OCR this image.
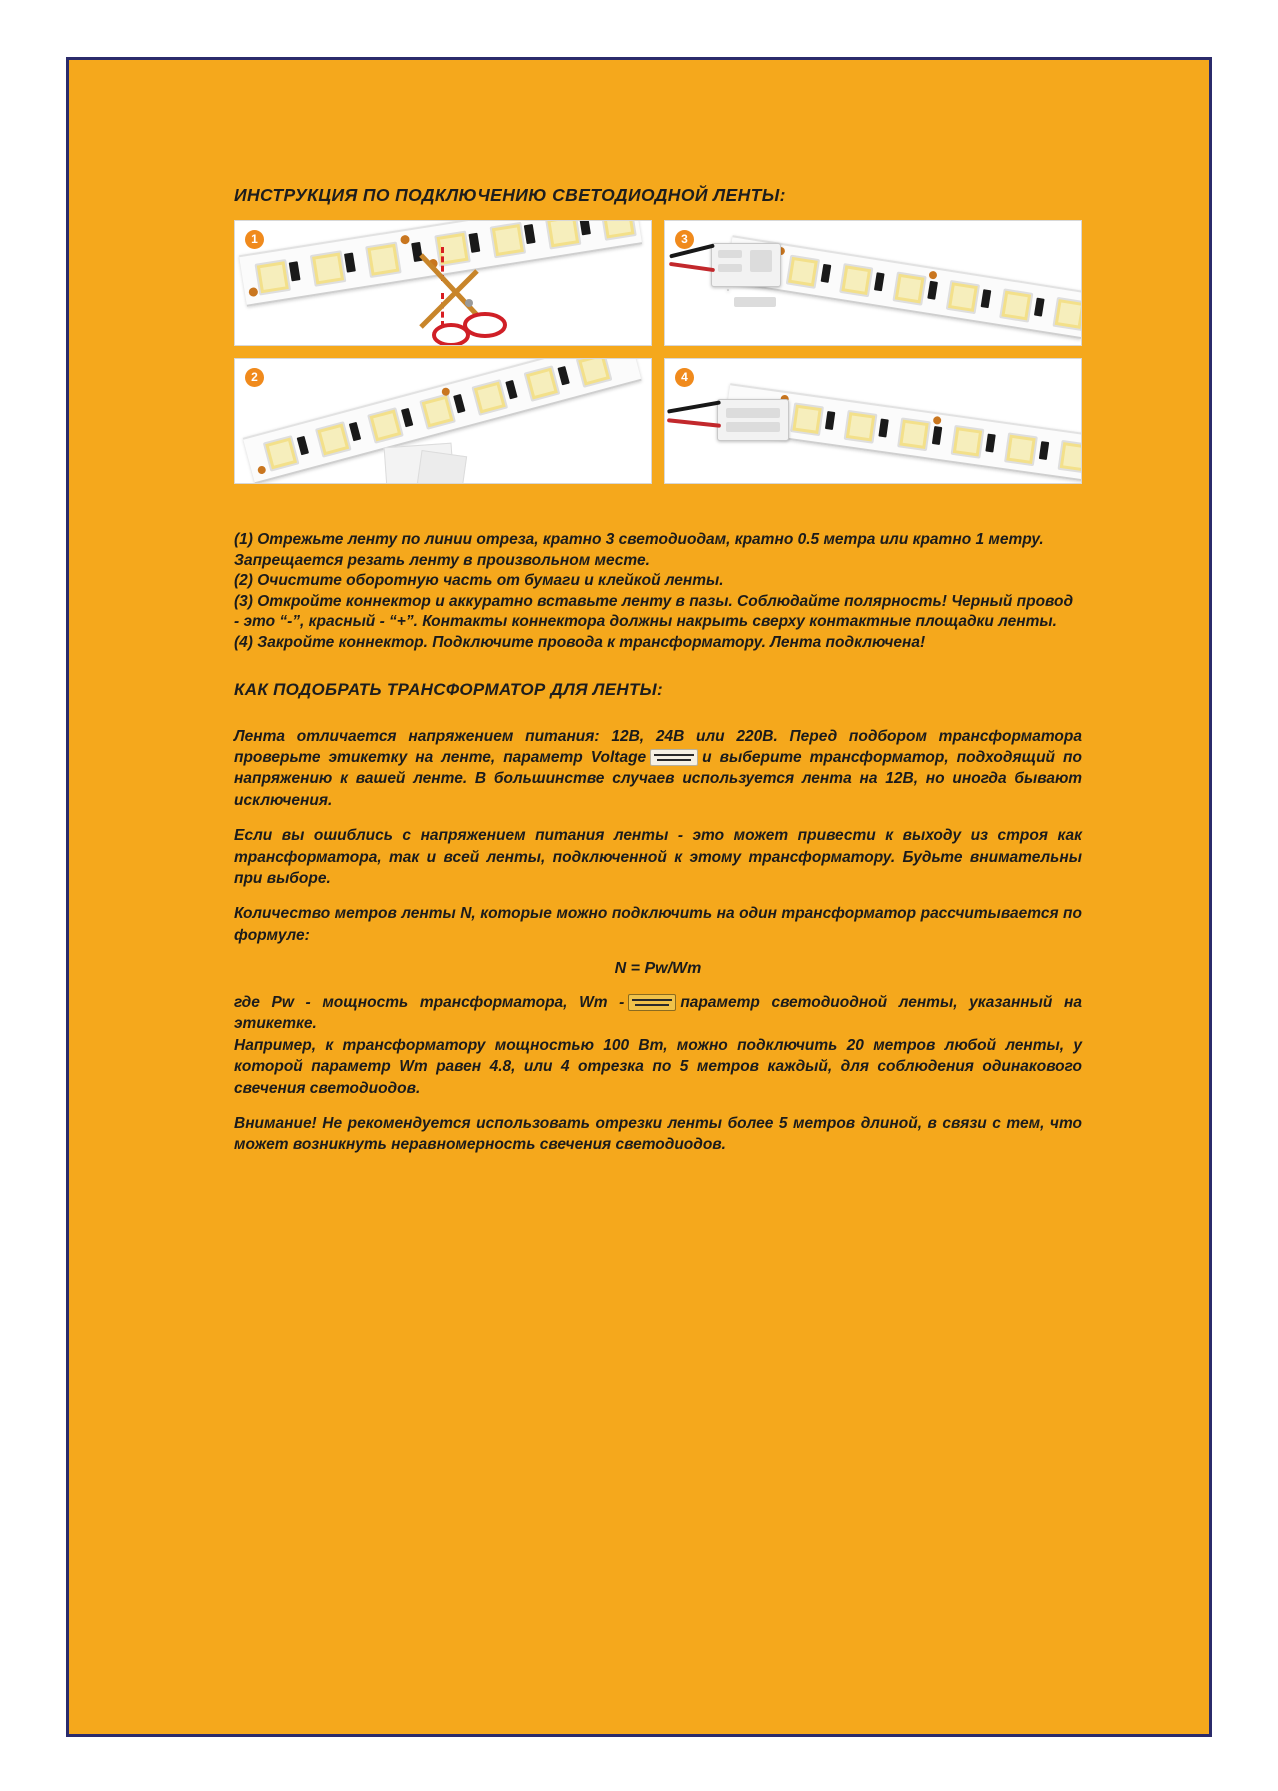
ИНСТРУКЦИЯ ПО ПОДКЛЮЧЕНИЮ СВЕТОДИОДНОЙ ЛЕНТЫ:
1	3
2	4

(1) Отрежьте ленту по линии отреза, кратно 3 светодиодам, кратно 0.5 метра или кратно 1 метру. Запрещается резать ленту в произвольном месте.

(2) Очистите оборотную часть от бумаги и клейкой ленты.

(3) Откройте коннектор и аккуратно вставьте ленту в пазы. Соблюдайте полярность! Черный провод - это “-”, красный - “+”. Контакты коннектора должны накрыть сверху контактные площадки ленты.

(4) Закройте коннектор. Подключите провода к трансформатору. Лента подключена!

КАК ПОДОБРАТЬ ТРАНСФОРМАТОР ДЛЯ ЛЕНТЫ:

Лента отличается напряжением питания: 12В, 24В или 220В. Перед подбором трансформатора проверьте этикетку на ленте, параметр Voltage	и выберите трансформатор, подходящий по напряжению к вашей ленте. В большинстве случаев используется лента на 12В, но иногда бывают исключения.

Если вы ошиблись с напряжением питания ленты - это может привести к выходу из строя как трансформатора, так и всей ленты, подключенной к этому трансформатору. Будьте внимательны при выборе.

Количество метров ленты N, которые можно подключить на один трансформатор рассчитывается по формуле:

N = Pw/Wm

где Pw - мощность трансформатора, Wm -	параметр светодиодной ленты, указанный на этикетке.

Например, к трансформатору мощностью 100 Вт, можно подключить 20 метров любой ленты, у которой параметр Wm равен 4.8, или 4 отрезка по 5 метров каждый, для соблюдения одинакового свечения светодиодов.

Внимание! Не рекомендуется использовать отрезки ленты более 5 метров длиной, в связи с тем, что может возникнуть неравномерность свечения светодиодов.
